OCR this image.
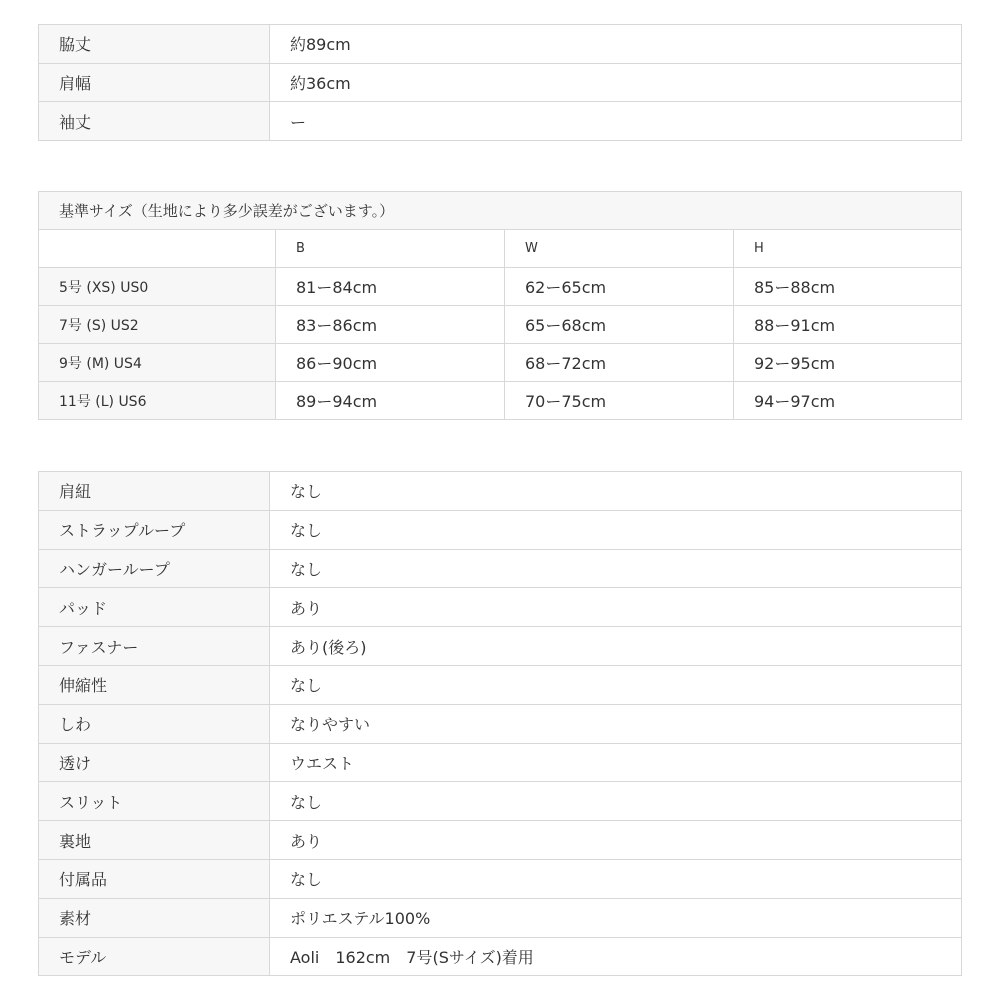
脇丈	約89cm
肩幅	約36cm
袖丈	ー
基準サイズ（生地により多少誤差がございます。）			
	B	W	H
5号 (XS) US0	81ー84cm	62ー65cm	85ー88cm
7号 (S) US2	83ー86cm	65ー68cm	88ー91cm
9号 (M) US4	86ー90cm	68ー72cm	92ー95cm
11号 (L) US6	89ー94cm	70ー75cm	94ー97cm
肩紐	なし
ストラップループ	なし
ハンガーループ	なし
パッド	あり
ファスナー	あり(後ろ)
伸縮性	なし
しわ	なりやすい
透け	ウエスト
スリット	なし
裏地	あり
付属品	なし
素材	ポリエステル100%
モデル	Aoli　162cm　7号(Sサイズ)着用
